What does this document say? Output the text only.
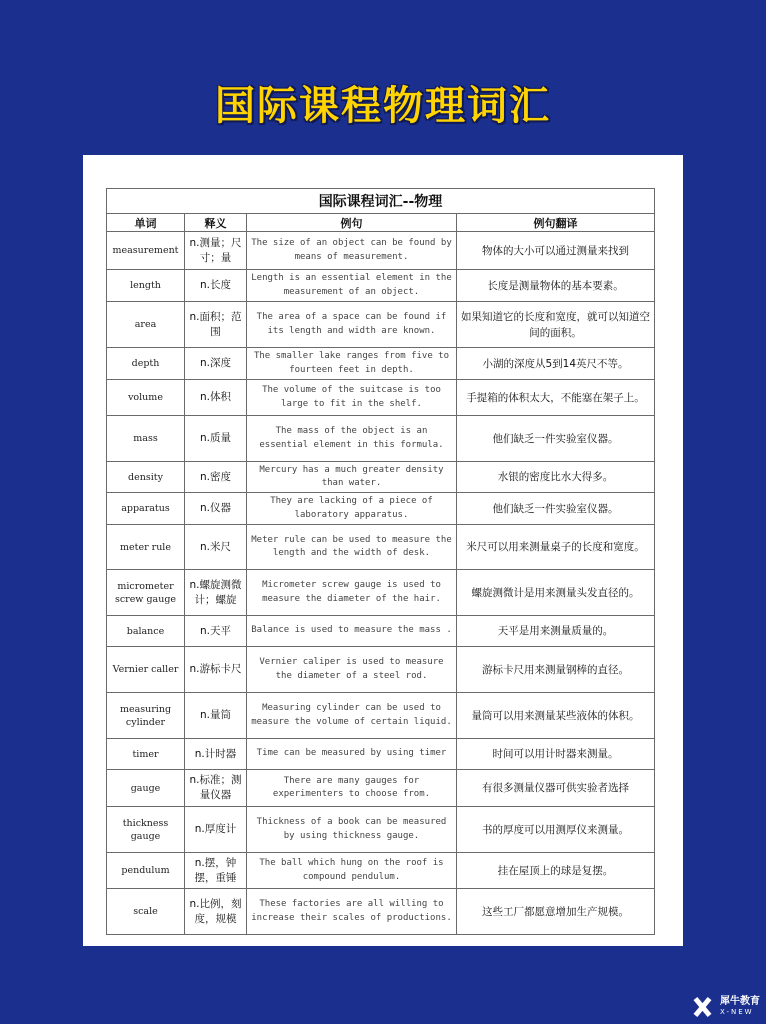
国际课程物理词汇
国际课程词汇--物理			
单词	释义	例句	例句翻译
measurement	n.测量；尺寸；量	The size of an object can be found by means of measurement.	物体的大小可以通过测量来找到
length	n.长度	Length is an essential element in the measurement of an object.	长度是测量物体的基本要素。
area	n.面积；范围	The area of a space can be found if its length and width are known.	如果知道它的长度和宽度，就可以知道空间的面积。
depth	n.深度	The smaller lake ranges from five to fourteen feet in depth.	小湖的深度从5到14英尺不等。
volume	n.体积	The volume of the suitcase is too large to fit in the shelf.	手提箱的体积太大，不能塞在架子上。
mass	n.质量	The mass of the object is an essential element in this formula.	他们缺乏一件实验室仪器。
density	n.密度	Mercury has a much greater density than water.	水银的密度比水大得多。
apparatus	n.仪器	They are lacking of a piece of laboratory apparatus.	他们缺乏一件实验室仪器。
meter rule	n.米尺	Meter rule can be used to measure the length and the width of desk.	米尺可以用来测量桌子的长度和宽度。
micrometer screw gauge	n.螺旋测微计；螺旋	Micrometer screw gauge is used to measure the diameter of the hair.	螺旋测微计是用来测量头发直径的。
balance	n.天平	Balance is used to measure the mass .	天平是用来测量质量的。
Vernier caller	n.游标卡尺	Vernier caliper is used to measure the diameter of a steel rod.	游标卡尺用来测量钢棒的直径。
measuring cylinder	n.量筒	Measuring cylinder can be used to measure the volume of certain liquid.	量筒可以用来测量某些液体的体积。
timer	n.计时器	Time can be measured by using timer	时间可以用计时器来测量。
gauge	n.标准；测量仪器	There are many gauges for experimenters to choose from.	有很多测量仪器可供实验者选择
thickness gauge	n.厚度计	Thickness of a book can be measured by using thickness gauge.	书的厚度可以用测厚仪来测量。
pendulum	n.摆，钟摆，重锤	The ball which hung on the roof is compound pendulum.	挂在屋顶上的球是复摆。
scale	n.比例，刻度，规模	These factories are all willing to increase their scales of productions.	这些工厂都愿意增加生产规模。
犀牛教育
X-NEW
